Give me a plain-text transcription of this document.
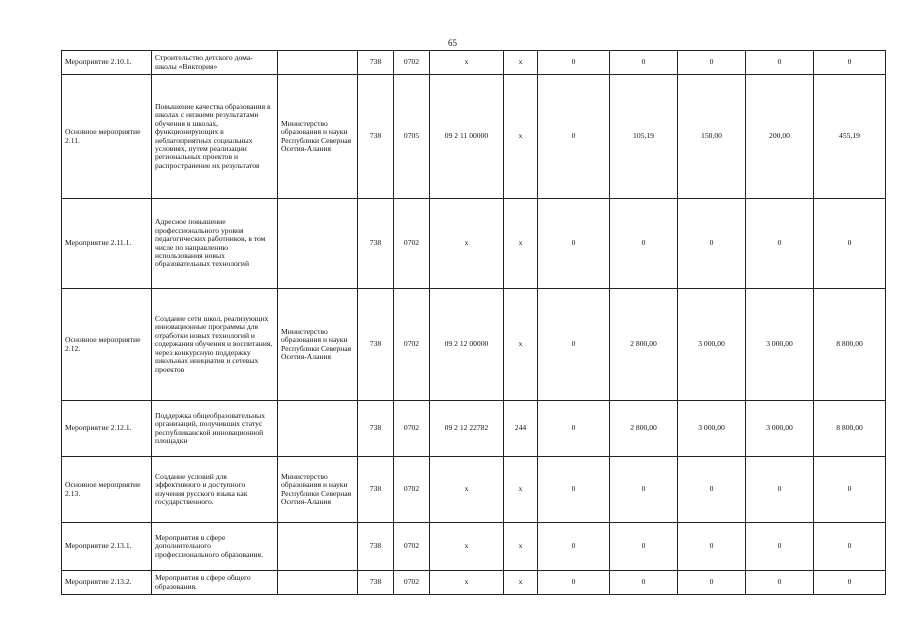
65
Мероприятие 2.10.1.	Строительство детского дома-школы «Виктория»		738	0702	x	x	0	0	0	0	0
Основное мероприятие 2.11.	Повышение качества образования в школах с низкими результатами обучения в школах, функционирующих в неблагоприятных социальных условиях, путем реализации региональных проектов и распространение их результатов	Министерство образования и науки Республики Северная Осетия-Алания	738	0705	09 2 11 00000	x	0	105,19	150,00	200,00	455,19
Мероприятие 2.11.1.	Адресное повышение профессионального уровня педагогических работников, в том числе по направлению использования новых образовательных технологий		738	0702	x	x	0	0	0	0	0
Основное мероприятие 2.12.	Создание сети школ, реализующих инновационные программы для отработки новых технологий и содержания обучения и воспитания, через конкурсную поддержку школьных инициатив и сетевых проектов	Министерство образования и науки Республики Северная Осетия-Алания	738	0702	09 2 12 00000	x	0	2 800,00	3 000,00	3 000,00	8 800,00
Мероприятие 2.12.1.	Поддержка общеобразовательных организаций, получивших статус республиканской инновационной площадки		738	0702	09 2 12 22782	244	0	2 800,00	3 000,00	3 000,00	8 800,00
Основное мероприятие 2.13.	Создание условий для эффективного и доступного изучения русского языка как государственного.	Министерство образования и науки Республики Северная Осетия-Алания	738	0702	x	x	0	0	0	0	0
Мероприятие 2.13.1.	Мероприятия в сфере дополнительного профессионального образования.		738	0702	x	x	0	0	0	0	0
Мероприятие 2.13.2.	Мероприятия в сфере общего образования.		738	0702	x	x	0	0	0	0	0
